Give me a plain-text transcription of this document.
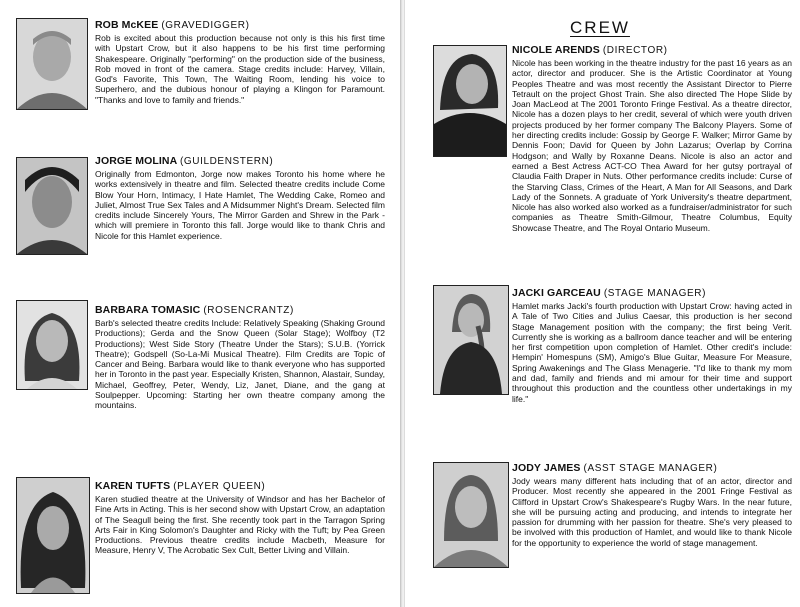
ROB McKEE (GRAVEDIGGER)

Rob is excited about this production because not only is this his first time with Upstart Crow, but it also happens to be his first time performing Shakespeare. Originally "performing" on the production side of the business, Rob moved in front of the camera. Stage credits include: Harvey, Villain, God's Favorite, This Town, The Waiting Room, lending his voice to Superhero, and the dubious honour of playing a Klingon for Paramount. "Thanks and love to family and friends."

JORGE MOLINA (GUILDENSTERN)

Originally from Edmonton, Jorge now makes Toronto his home where he works extensively in theatre and film. Selected theatre credits include Come Blow Your Horn, Intimacy, I Hate Hamlet, The Wedding Cake, Romeo and Juliet, Almost True Sex Tales and A Midsummer Night's Dream. Selected film credits include Sincerely Yours, The Mirror Garden and Shrew in the Park - which will premiere in Toronto this fall. Jorge would like to thank Chris and Nicole for this Hamlet experience.

BARBARA TOMASIC (ROSENCRANTZ)

Barb's selected theatre credits Include: Relatively Speaking (Shaking Ground Productions); Gerda and the Snow Queen (Solar Stage); Wolfboy (T2 Productions); West Side Story (Theatre Under the Stars); S.U.B. (Yorrick Theatre); Godspell (So-La-Mi Musical Theatre). Film Credits are Topic of Cancer and Being. Barbara would like to thank everyone who has supported her in Toronto in the past year. Especially Kristen, Shannon, Alastair, Sunday, Michael, Geoffrey, Peter, Wendy, Liz, Janet, Diane, and the gang at Soulpepper. Upcoming: Starting her own theatre company among the mountains.

KAREN TUFTS (PLAYER QUEEN)

Karen studied theatre at the University of Windsor and has her Bachelor of Fine Arts in Acting. This is her second show with Upstart Crow, an adaptation of The Seagull being the first. She recently took part in the Tarragon Spring Arts Fair in King Solomon's Daughter and Ricky with the Tuft; by Pea Green Productions. Previous theatre credits include Macbeth, Measure for Measure, Henry V, The Acrobatic Sex Cult, Better Living and Villain.

CREW
NICOLE ARENDS (DIRECTOR)

Nicole has been working in the theatre industry for the past 16 years as an actor, director and producer. She is the Artistic Coordinator at Young Peoples Theatre and was most recently the Assistant Director to Pierre Tetrault on the project Ghost Train. She also directed The Hope Slide by Joan MacLeod at The 2001 Toronto Fringe Festival. As a theatre director, Nicole has a dozen plays to her credit, several of which were youth driven projects produced by her former company The Balcony Players. Some of her directing credits include: Gossip by George F. Walker; Mirror Game by Dennis Foon; David for Queen by John Lazarus; Overlap by Corrina Hodgson; and Wally by Roxanne Deans. Nicole is also an actor and earned a Best Actress ACT-CO Thea Award for her gutsy portrayal of Claudia Faith Draper in Nuts. Other performance credits include: Curse of the Starving Class, Crimes of the Heart, A Man for All Seasons, and Dark Lady of the Sonnets. A graduate of York University's theatre department, Nicole has also worked also worked as a fundraiser/administrator for such companies as Theatre Smith-Gilmour, Theatre Columbus, Equity Showcase Theatre, and The Royal Ontario Museum.

JACKI GARCEAU (STAGE MANAGER)

Hamlet marks Jacki's fourth production with Upstart Crow: having acted in A Tale of Two Cities and Julius Caesar, this production is her second Stage Management position with the company; the first being Verit. Currently she is working as a ballroom dance teacher and will be entering her first competition upon completion of Hamlet. Other credit's include: Hempin' Homespuns (SM), Amigo's Blue Guitar, Measure For Measure, Spring Awakenings and The Glass Menagerie. "I'd like to thank my mom and dad, family and friends and mi amour for their time and support throughout this production and the countless other undertakings in my life."

JODY JAMES (ASST STAGE MANAGER)

Jody wears many different hats including that of an actor, director and Producer. Most recently she appeared in the 2001 Fringe Festival as Clifford in Upstart Crow's Shakespeare's Rugby Wars. In the near future, she will be pursuing acting and producing, and intends to integrate her passion for drumming with her passion for theatre. She's very pleased to be involved with this production of Hamlet, and would like to thank Nicole for the opportunity to experience the world of stage management.
